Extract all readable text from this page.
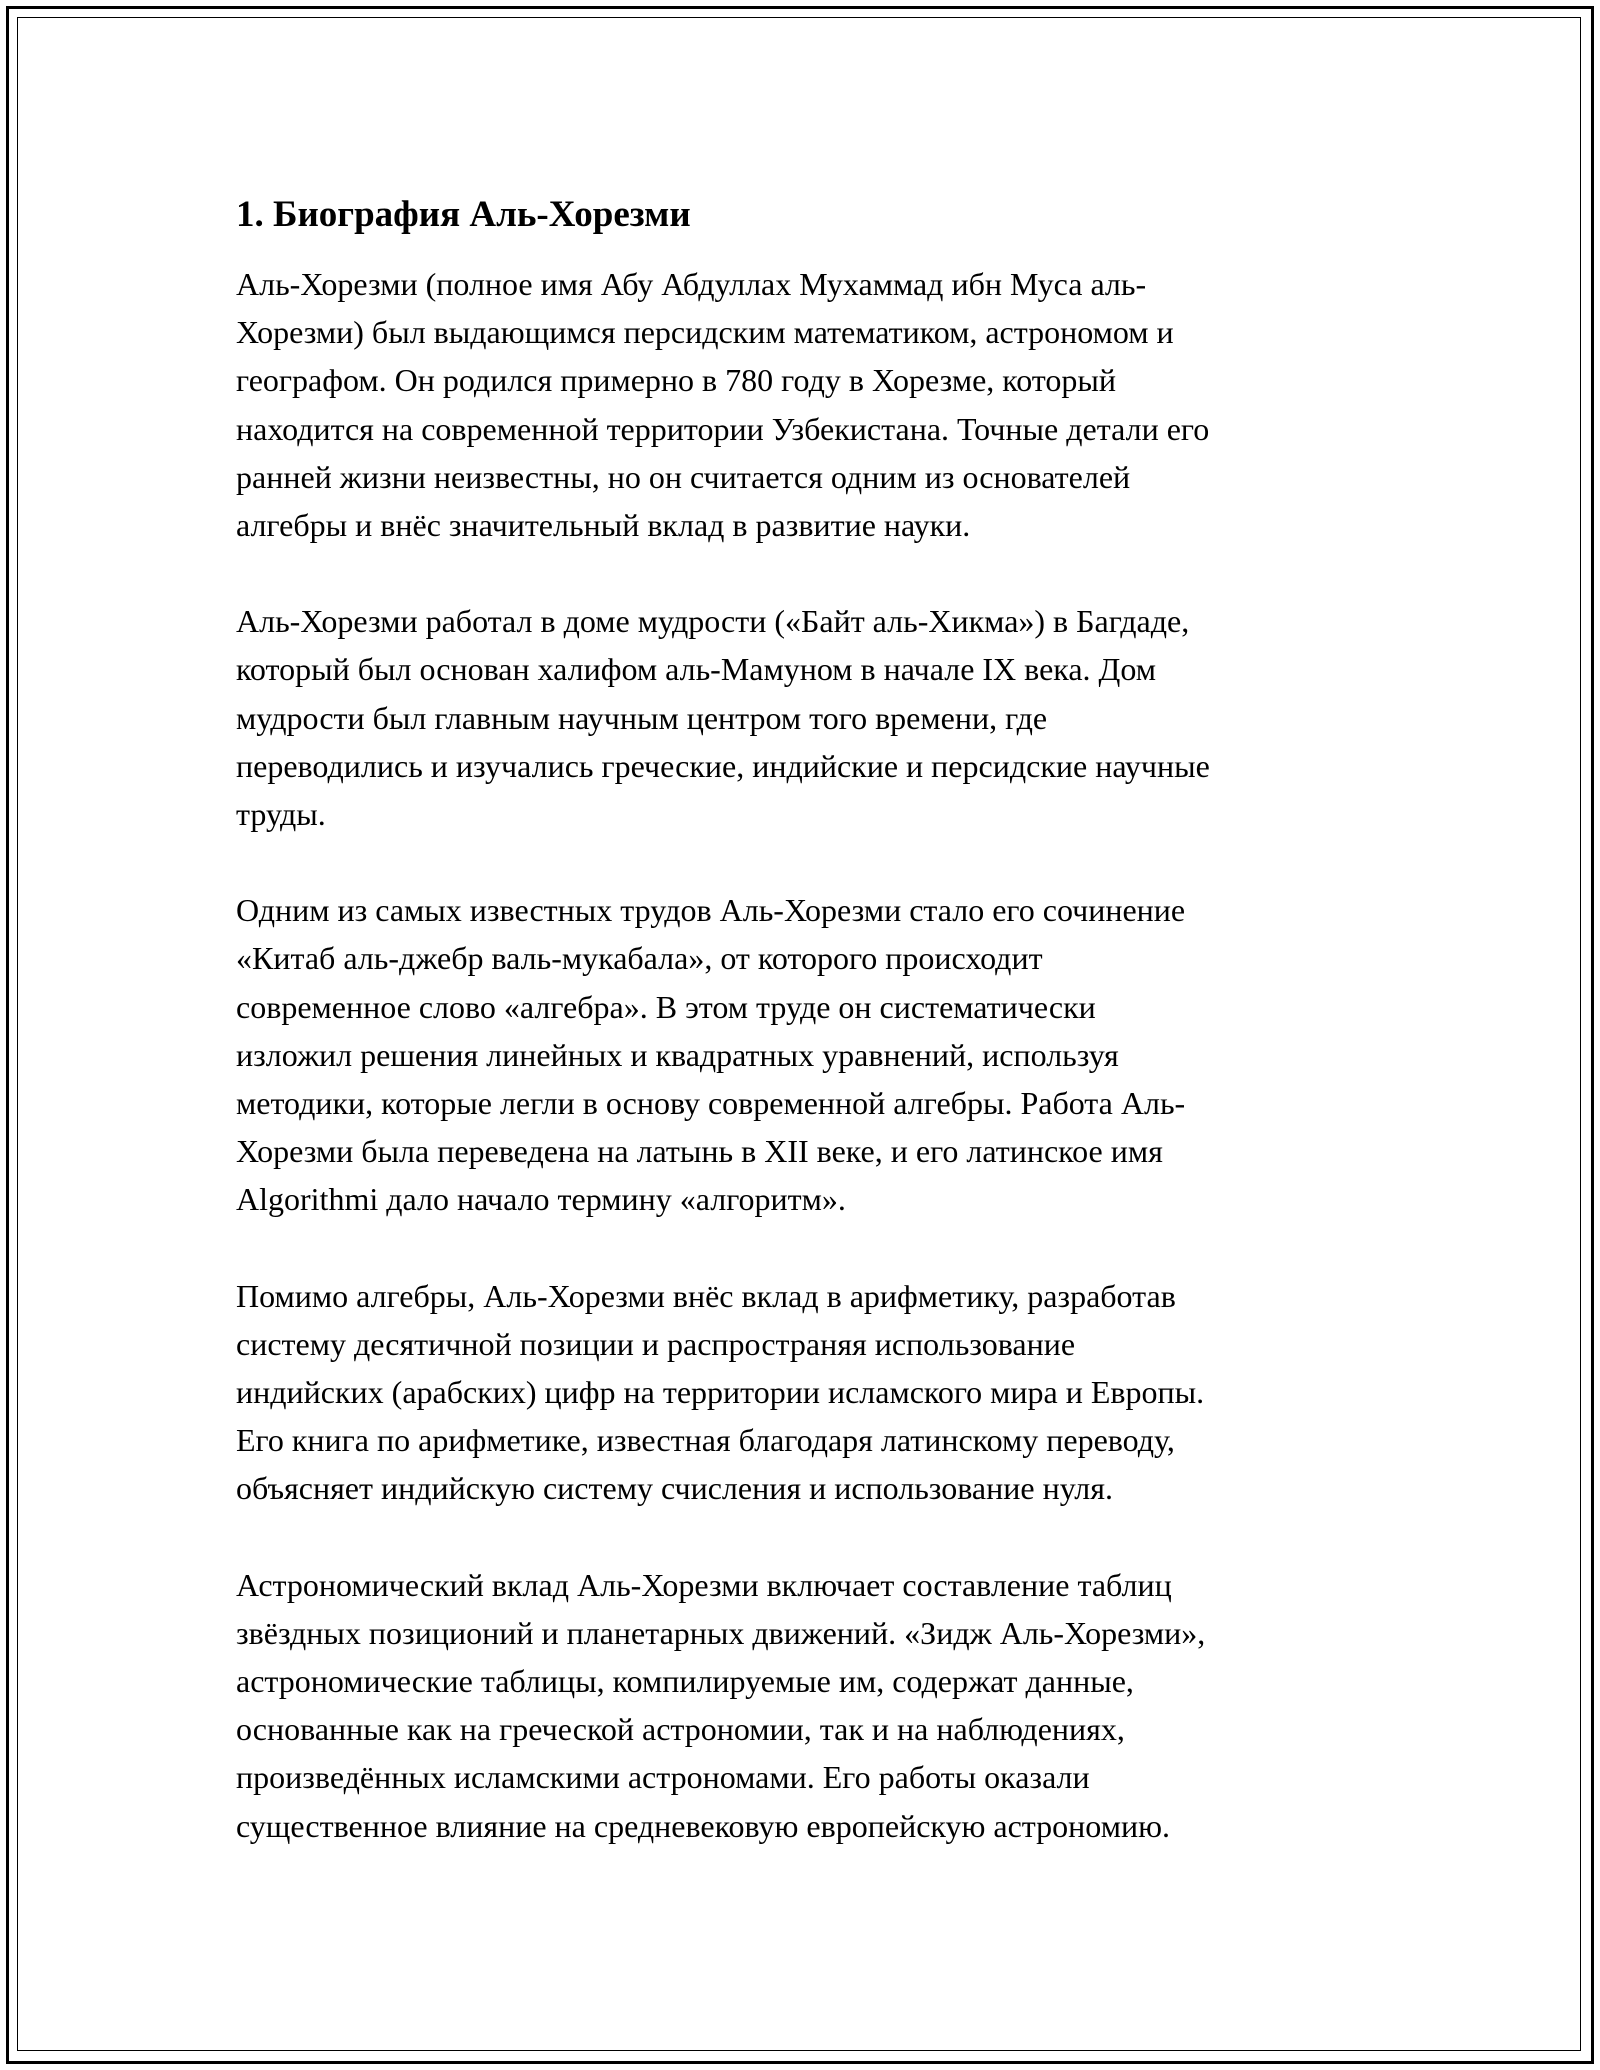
1. Биография Аль-Хорезми

Аль-Хорезми (полное имя Абу Абдуллах Мухаммад ибн Муса аль-
Хорезми) был выдающимся персидским математиком, астрономом и
географом. Он родился примерно в 780 году в Хорезме, который
находится на современной территории Узбекистана. Точные детали его
ранней жизни неизвестны, но он считается одним из основателей
алгебры и внёс значительный вклад в развитие науки.

Аль-Хорезми работал в доме мудрости («Байт аль-Хикма») в Багдаде,
который был основан халифом аль-Мамуном в начале IX века. Дом
мудрости был главным научным центром того времени, где
переводились и изучались греческие, индийские и персидские научные
труды.

Одним из самых известных трудов Аль-Хорезми стало его сочинение
«Китаб аль-джебр валь-мукабала», от которого происходит
современное слово «алгебра». В этом труде он систематически
изложил решения линейных и квадратных уравнений, используя
методики, которые легли в основу современной алгебры. Работа Аль-
Хорезми была переведена на латынь в XII веке, и его латинское имя
Algorithmi дало начало термину «алгоритм».

Помимо алгебры, Аль-Хорезми внёс вклад в арифметику, разработав
систему десятичной позиции и распространяя использование
индийских (арабских) цифр на территории исламского мира и Европы.
Его книга по арифметике, известная благодаря латинскому переводу,
объясняет индийскую систему счисления и использование нуля.

Астрономический вклад Аль-Хорезми включает составление таблиц
звёздных позиционий и планетарных движений. «Зидж Аль-Хорезми»,
астрономические таблицы, компилируемые им, содержат данные,
основанные как на греческой астрономии, так и на наблюдениях,
произведённых исламскими астрономами. Его работы оказали
существенное влияние на средневековую европейскую астрономию.
